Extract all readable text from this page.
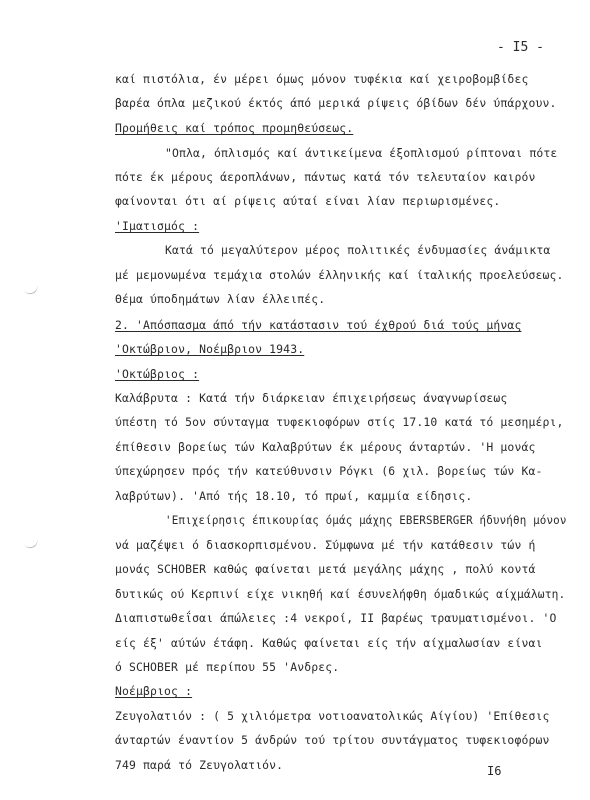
- I5 -
καί πιστόλια, έν μέρει όμως μόνον τυφέκια καί χειροβομβίδες
βαρέα όπλα μεζικού έκτός άπό μερικά ρίψεις όβίδων δέν ύπάρχουν.
Προμήθεις καί τρόπος προμηθεύσεως.
"Οπλα, όπλισμός καί άντικείμενα έξοπλισμού ρίπτοναι πότε
πότε έκ μέρους άεροπλάνων, πάντως κατά τόν τελευταίον καιρόν
φαίνονται ότι αί ρίψεις αύταί είναι λίαν περιωρισμένες.
'Ιματισμός :
Κατά τό μεγαλύτερον μέρος πολιτικές ένδυμασίες άνάμικτα
μέ μεμονωμένα τεμάχια στολών έλληνικής καί ίταλικής προελεύσεως.
Θέμα ύποδημάτων λίαν έλλειπές.
2. 'Απόσπασμα άπό τήν κατάστασιν τού έχθρού διά τούς μήνας
'Οκτώβριον, Νοέμβριον 1943.
'Οκτώβριος :
Καλάβρυτα : Κατά τήν διάρκειαν έπιχειρήσεως άναγνωρίσεως
ύπέστη τό 5ον σύνταγμα τυφεκιοφόρων στίς 17.10 κατά τό μεσημέρι,
έπίθεσιν βορείως τών Καλαβρύτων έκ μέρους άνταρτών. 'Η μονάς
ύπεχώρησεν πρός τήν κατεύθυνσιν Ρόγκι (6 χιλ. βορείως τών Κα-
λαβρύτων). 'Από τής 18.10, τό πρωί, καμμία είδησις.
'Επιχείρησις έπικουρίας όμάς μάχης EBERSBERGER ήδυνήθη μόνον
νά μαζέψει ό διασκορπισμένου. Σύμφωνα μέ τήν κατάθεσιν τών ή
μονάς SCHOBER καθώς φαίνεται μετά μεγάλης μάχης , πολύ κοντά
δυτικώς ού Κερπινί είχε νικηθή καί έσυνελήφθη όμαδικώς αίχμάλωτη.
Διαπιστωθεΐσαι άπώλειες :4 νεκροί, II βαρέως τραυματισμένοι. 'Ο
είς έξ' αύτών έτάφη. Καθώς φαίνεται είς τήν αίχμαλωσίαν είναι
ό SCHOBER μέ περίπου 55 'Ανδρες.
Νοέμβριος :
Ζευγολατιόν : ( 5 χιλιόμετρα νοτιοανατολικώς Αίγίου) 'Επίθεσις
άνταρτών έναντίον 5 άνδρών τού τρίτου συντάγματος τυφεκιοφόρων
749 παρά τό Ζευγολατιόν.	I6
